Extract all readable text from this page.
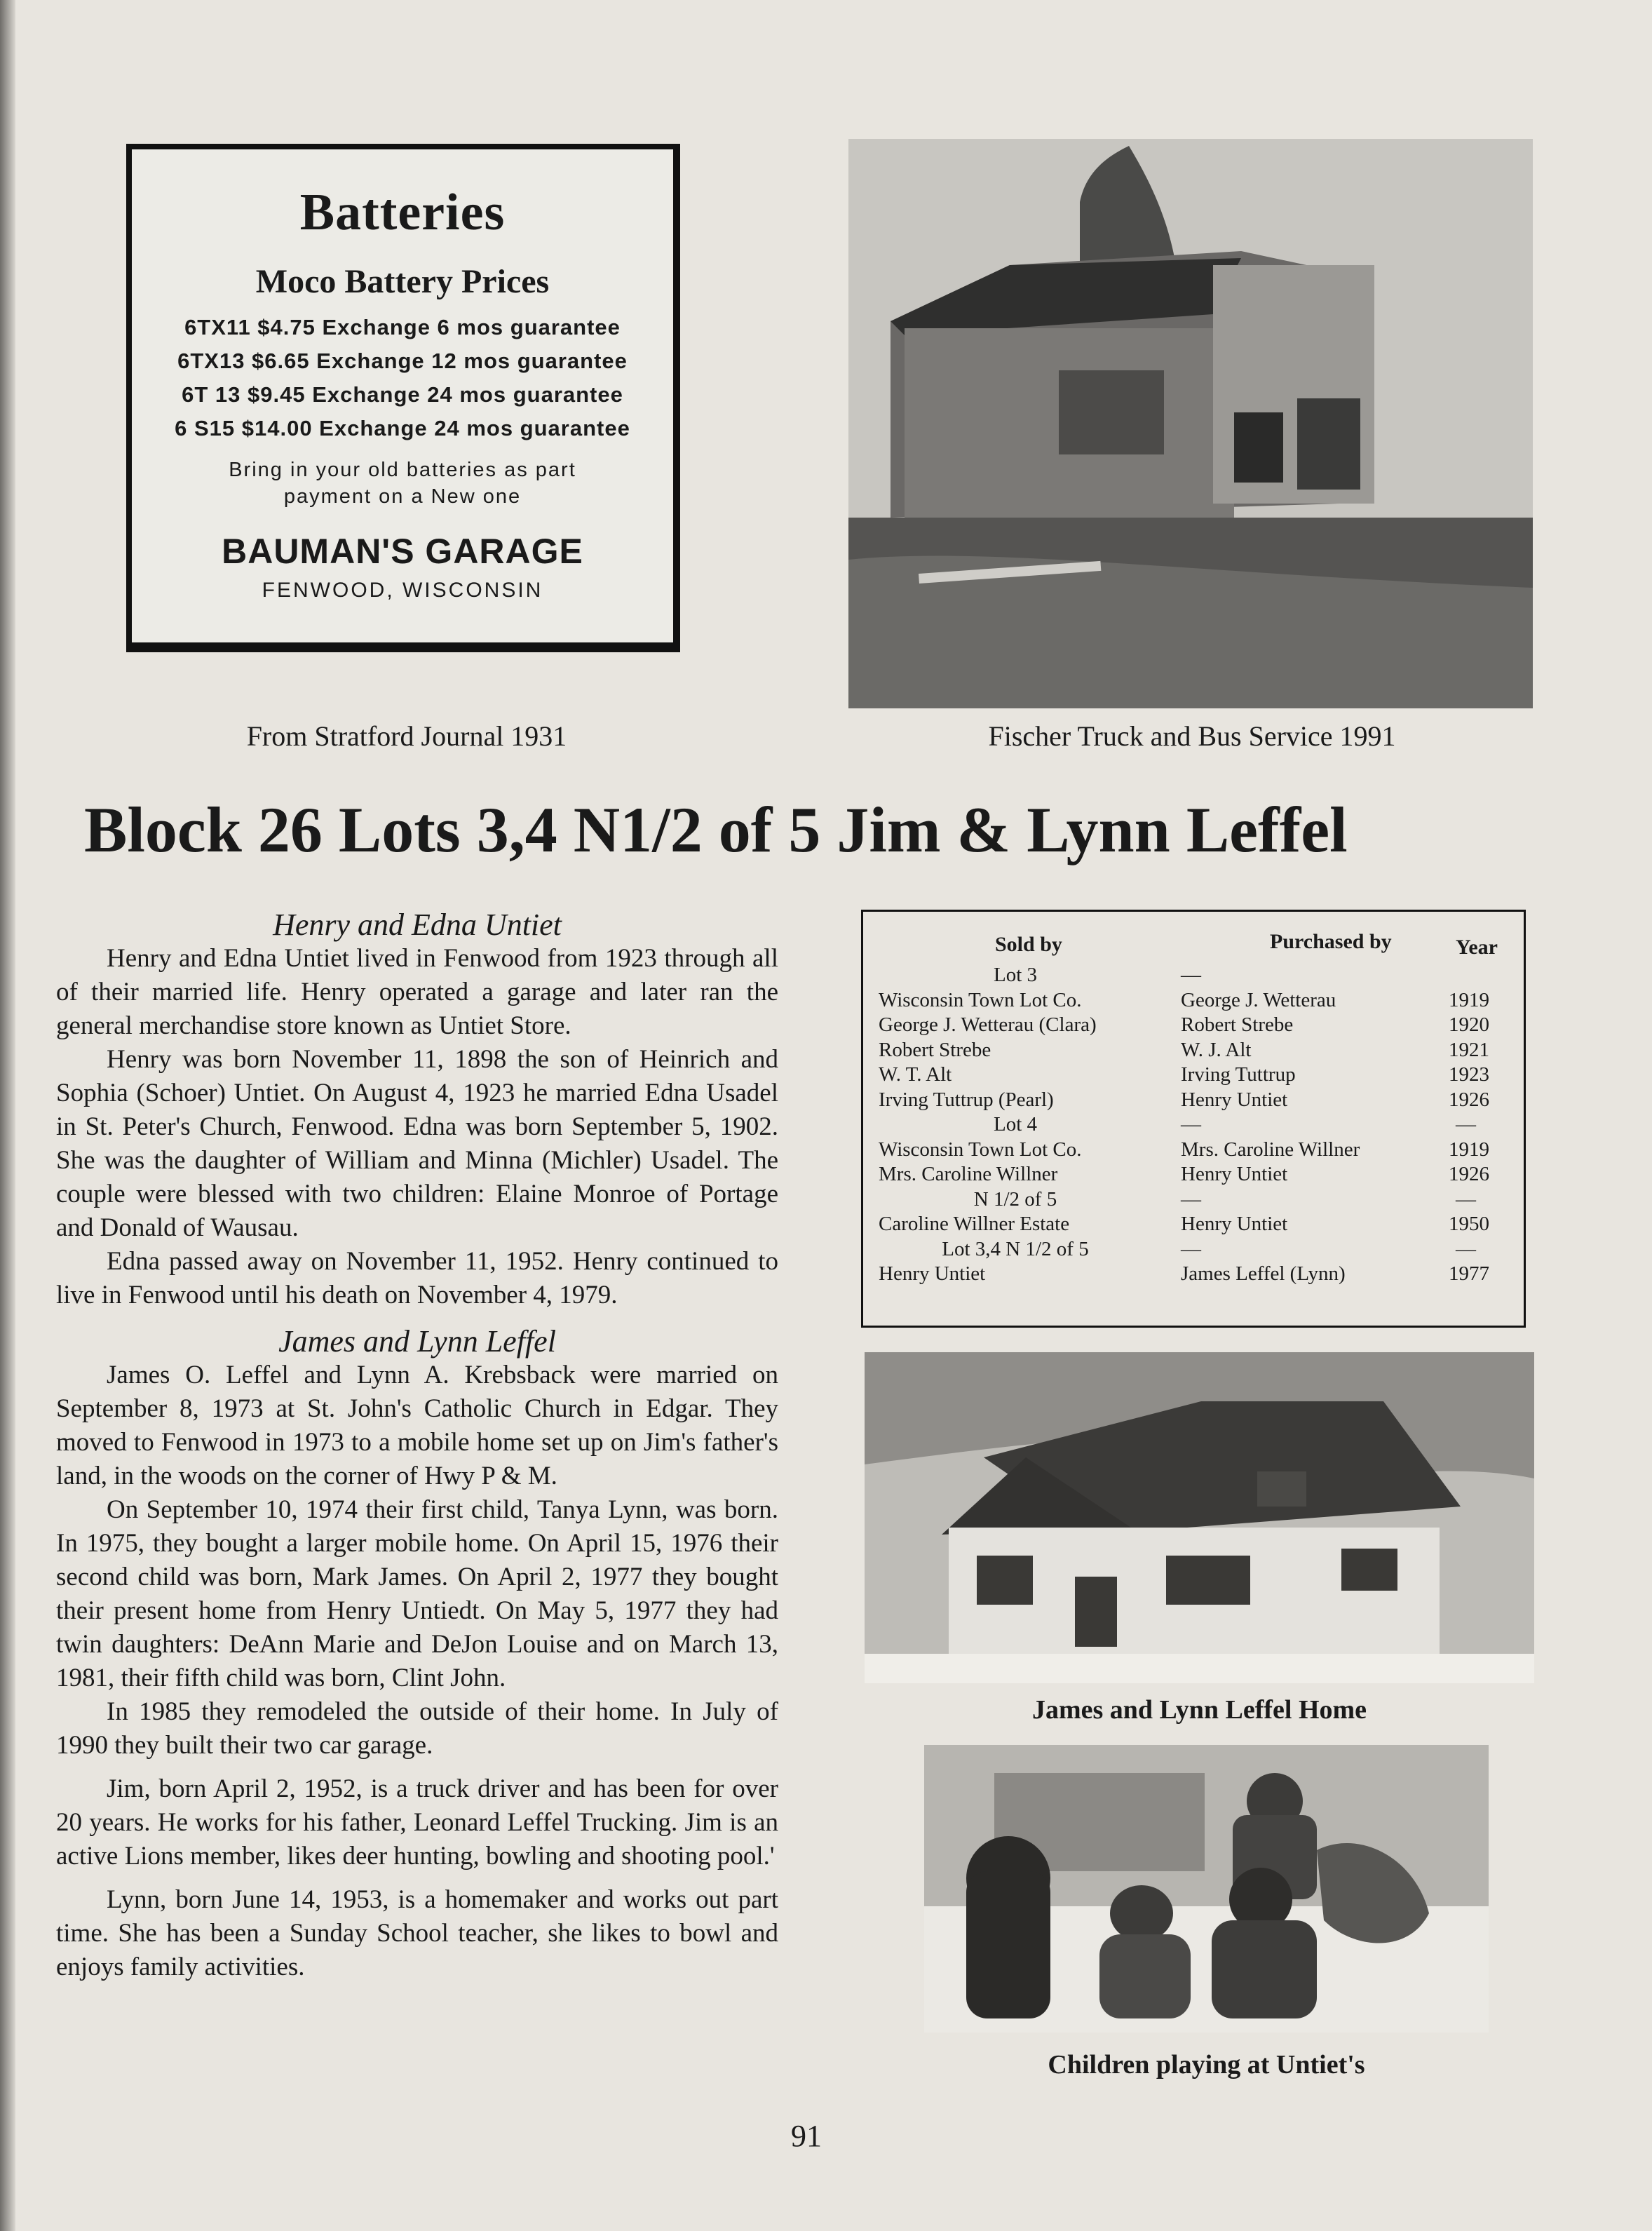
Batteries
Moco Battery Prices
6TX11 $4.75 Exchange 6 mos guarantee
6TX13 $6.65 Exchange 12 mos guarantee
6T 13 $9.45 Exchange 24 mos guarantee
6 S15 $14.00 Exchange 24 mos guarantee
Bring in your old batteries as part payment on a New one
BAUMAN'S GARAGE
FENWOOD, WISCONSIN
From Stratford Journal 1931	Fischer Truck and Bus Service 1991
Block 26 Lots 3,4 N1/2 of 5 Jim & Lynn Leffel

Henry and Edna Untiet

Henry and Edna Untiet lived in Fenwood from 1923 through all of their married life. Henry operated a garage and later ran the general merchandise store known as Untiet Store.

Henry was born November 11, 1898 the son of Heinrich and Sophia (Schoer) Untiet. On August 4, 1923 he married Edna Usadel in St. Peter's Church, Fenwood. Edna was born September 5, 1902. She was the daughter of William and Minna (Michler) Usadel. The couple were blessed with two children: Elaine Monroe of Portage and Donald of Wausau.

Edna passed away on November 11, 1952. Henry continued to live in Fenwood until his death on November 4, 1979.

James and Lynn Leffel

James O. Leffel and Lynn A. Krebsback were married on September 8, 1973 at St. John's Catholic Church in Edgar. They moved to Fenwood in 1973 to a mobile home set up on Jim's father's land, in the woods on the corner of Hwy P & M.

On September 10, 1974 their first child, Tanya Lynn, was born. In 1975, they bought a larger mobile home. On April 15, 1976 their second child was born, Mark James. On April 2, 1977 they bought their present home from Henry Untiedt. On May 5, 1977 they had twin daughters: DeAnn Marie and DeJon Louise and on March 13, 1981, their fifth child was born, Clint John.

In 1985 they remodeled the outside of their home. In July of 1990 they built their two car garage.

Jim, born April 2, 1952, is a truck driver and has been for over 20 years. He works for his father, Leonard Leffel Trucking. Jim is an active Lions member, likes deer hunting, bowling and shooting pool.'

Lynn, born June 14, 1953, is a homemaker and works out part time. She has been a Sunday School teacher, she likes to bowl and enjoys family activities.

Sold by	Purchased by	Year
Lot 3	—
Wisconsin Town Lot Co.	George J. Wetterau	1919
George J. Wetterau (Clara)	Robert Strebe	1920
Robert Strebe	W. J. Alt	1921
W. T. Alt	Irving Tuttrup	1923
Irving Tuttrup (Pearl)	Henry Untiet	1926
Lot 4	—	—
Wisconsin Town Lot Co.	Mrs. Caroline Willner	1919
Mrs. Caroline Willner	Henry Untiet	1926
N 1/2 of 5	—	—
Caroline Willner Estate	Henry Untiet	1950
Lot 3,4 N 1/2 of 5	—	—
Henry Untiet	James Leffel (Lynn)	1977
James and Lynn Leffel Home
Children playing at Untiet's
91
